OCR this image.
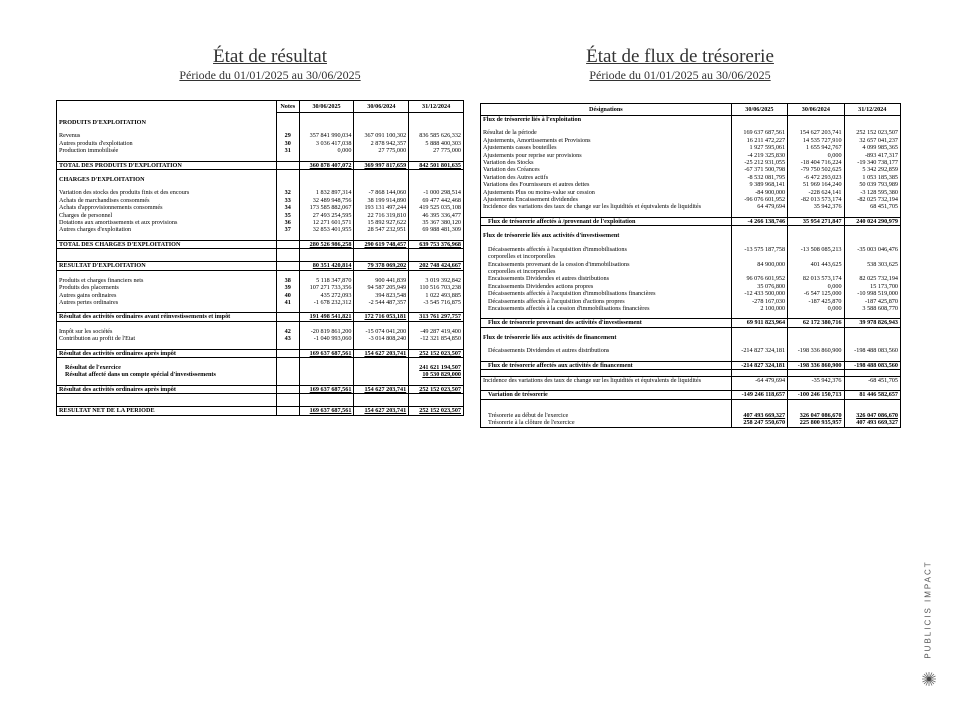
État de résultat
Période du 01/01/2025 au 30/06/2025
État de flux de trésorerie
Période du 01/01/2025 au 30/06/2025
	Notes	30/06/2025	30/06/2024	31/12/2024

PRODUITS D'EXPLOITATION				

Revenus	29	357 841 990,034	367 091 100,302	836 585 626,332
Autres produits d'exploitation	30	3 036 417,038	2 878 942,357	5 888 400,303
Production immobilisée	31	0,000	27 775,000	27 775,000

TOTAL DES PRODUITS D'EXPLOITATION		360 878 407,072	369 997 817,659	842 501 801,635

CHARGES D'EXPLOITATION				

Variation des stocks des produits finis et des encours	32	1 832 897,314	-7 868 144,060	-1 000 298,514
Achats de marchandises consommés	33	32 489 948,756	38 199 914,890	69 477 442,468
Achats d'approvisionnements consommés	34	173 585 882,067	193 131 497,244	419 525 035,108
Charges de personnel	35	27 493 254,595	22 716 319,810	46 395 336,477
Dotations aux amortissements et aux provisions	36	12 271 601,571	15 892 927,622	35 367 380,120
Autres charges d'exploitation	37	32 853 401,955	28 547 232,951	69 988 481,309

TOTAL DES CHARGES D'EXPLOITATION		280 526 986,258	290 619 748,457	639 753 376,968

RESULTAT D'EXPLOITATION		80 351 420,814	79 378 069,202	202 748 424,667

Produits et charges financiers nets	38	5 118 347,870	900 441,839	3 019 392,842
Produits des placements	39	107 271 733,356	94 587 205,949	110 516 703,238
Autres gains ordinaires	40	435 272,093	394 823,548	1 022 493,885
Autres pertes ordinaires	41	-1 678 232,312	-2 544 487,357	-3 545 716,875

Résultat des activités ordinaires avant réinvestissements et impôt		191 498 541,821	172 716 053,181	313 761 297,757

Impôt sur les sociétés	42	-20 819 861,200	-15 074 041,200	-49 287 419,400
Contribution au profit de l'Etat	43	-1 040 993,060	-3 014 808,240	-12 321 854,850

Résultat des activités ordinaires après impôt		169 637 687,561	154 627 203,741	252 152 023,507

Résultat de l'exercice				241 621 194,507
Résultat affecté dans un compte spécial d'investissements				10 530 829,000

Résultat des activités ordinaires après impôt		169 637 687,561	154 627 203,741	252 152 023,507

RESULTAT NET DE LA PERIODE		169 637 687,561	154 627 203,741	252 152 023,507
Désignations	30/06/2025	30/06/2024	31/12/2024
Flux de trésorerie liés à l'exploitation			

Résultat de la période	169 637 687,561	154 627 203,741	252 152 023,507
Ajustements, Amortissements et Provisions	16 211 472,227	14 535 727,910	32 657 041,237
Ajustements casses bouteilles	1 927 595,061	1 655 942,767	4 099 985,365
Ajustements pour reprise sur provisions	-4 219 325,830	0,000	-893 417,317
Variation des Stocks	-25 212 931,055	-18 404 716,224	-19 340 738,177
Variation des Créances	-67 371 500,798	-79 750 502,625	5 342 292,859
Variation des Autres actifs	-8 532 081,795	-6 472 293,023	1 053 185,385
Variations des Fournisseurs et autres dettes	9 389 968,141	51 969 164,240	50 039 793,989
Ajustements Plus ou moins-value sur cession	-84 900,000	-228 624,141	-3 128 595,380
Ajustements Encaissement dividendes	-96 076 601,952	-82 013 573,174	-82 025 732,194
Incidence des variations des taux de change sur les liquidités et équivalents de liquidités	64 479,694	35 942,376	68 451,705

Flux de trésorerie affectés à /provenant de l'exploitation	-4 266 138,746	35 954 271,847	240 024 290,979

Flux de trésorerie liés aux activités d'investissement			

Décaissements affectés à l'acquisition d'immobilisations	-13 575 187,758	-13 508 085,213	-35 003 046,476
corporelles et incorporelles			
Encaissements provenant de la cession d'immobilisations	84 900,000	401 443,625	538 303,625
corporelles et incorporelles			
Encaissements Dividendes et autres distributions	96 076 601,952	82 013 573,174	82 025 732,194
Encaissements Dividendes actions propres	35 076,800	0,000	15 173,700
Décaissements affectés à l'acquisition d'immobilisations financières	-12 433 500,000	-6 547 125,000	-10 998 519,000
Décaissements affectés à l'acquisition d'actions propres	-278 167,030	-187 425,870	-187 425,870
Encaissements affectés à la cession d'immobilisations financières	2 100,000	0,000	3 588 608,770

Flux de trésorerie provenant des activités d'investissement	69 911 823,964	62 172 380,716	39 978 826,943

Flux de trésorerie liés aux activités de financement			

Décaissements Dividendes et autres distributions	-214 827 324,181	-198 336 860,900	-198 488 083,560

Flux de trésorerie affectés aux activités de financement	-214 827 324,181	-198 336 860,900	-198 488 083,560

Incidence des variations des taux de change sur les liquidités et équivalents de liquidités	-64 479,694	-35 942,376	-68 451,705

Variation de trésorerie	-149 246 118,657	-100 246 150,713	81 446 582,657

Trésorerie au début de l'exercice	407 493 669,327	326 047 086,670	326 047 086,670
Trésorerie à la clôture de l'exercice	258 247 550,670	225 800 935,957	407 493 669,327
PUBLICIS IMPACT
